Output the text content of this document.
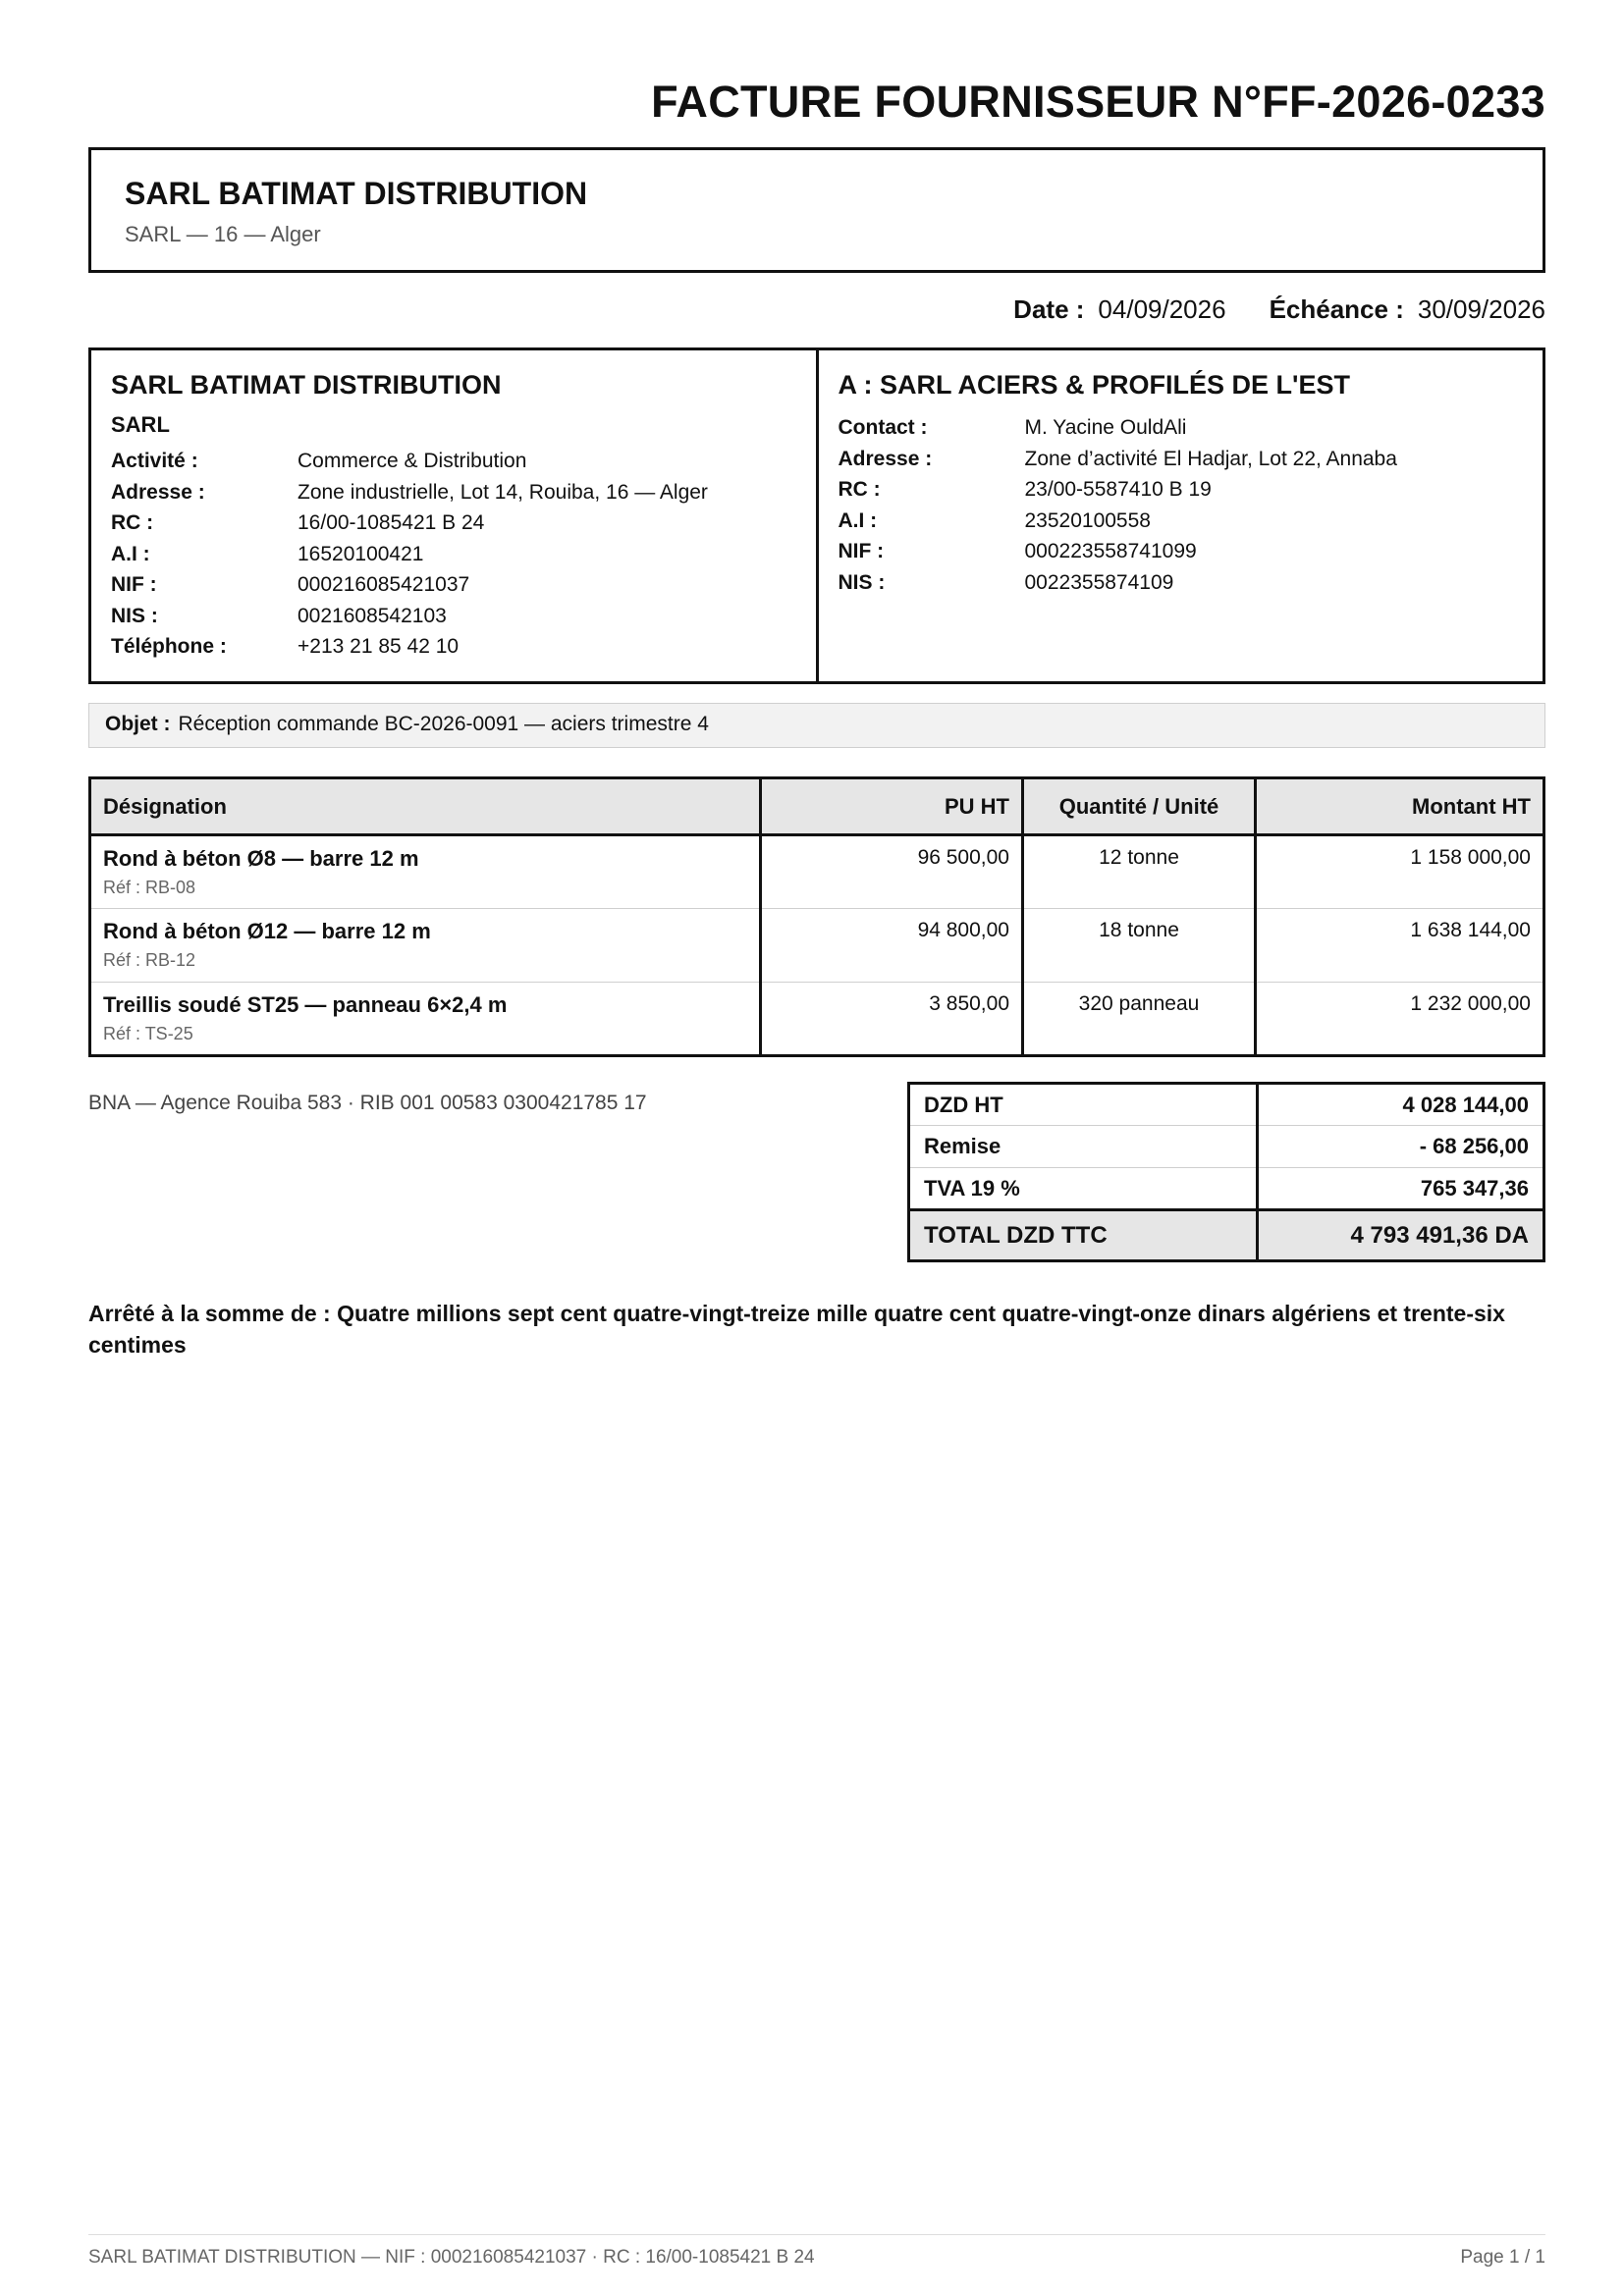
FACTURE FOURNISSEUR N°FF-2026-0233
SARL BATIMAT DISTRIBUTION
SARL — 16 — Alger
Date : 04/09/2026 Échéance : 30/09/2026
SARL BATIMAT DISTRIBUTION
SARL
Activité :	Commerce & Distribution
Adresse :	Zone industrielle, Lot 14, Rouiba, 16 — Alger
RC :	16/00-1085421 B 24
A.I :	16520100421
NIF :	000216085421037
NIS :	0021608542103
Téléphone :	+213 21 85 42 10
A : SARL ACIERS & PROFILÉS DE L'EST
Contact :	M. Yacine OuldAli
Adresse :	Zone d’activité El Hadjar, Lot 22, Annaba
RC :	23/00-5587410 B 19
A.I :	23520100558
NIF :	000223558741099
NIS :	0022355874109
Objet : Réception commande BC-2026-0091 — aciers trimestre 4
Désignation	PU HT	Quantité / Unité	Montant HT

Rond à béton Ø8 — barre 12 m
Réf : RB-08	96 500,00	12 tonne	1 158 000,00

Rond à béton Ø12 — barre 12 m
Réf : RB-12	94 800,00	18 tonne	1 638 144,00

Treillis soudé ST25 — panneau 6×2,4 m
Réf : TS-25	3 850,00	320 panneau	1 232 000,00
BNA — Agence Rouiba 583 · RIB 001 00583 0300421785 17	DZD HT	4 028 144,00
Remise	- 68 256,00
TVA 19 %	765 347,36
TOTAL DZD TTC	4 793 491,36 DA
Arrêté à la somme de : Quatre millions sept cent quatre-vingt-treize mille quatre cent quatre-vingt-onze dinars algériens et trente-six centimes
SARL BATIMAT DISTRIBUTION — NIF : 000216085421037 · RC : 16/00-1085421 B 24	Page 1 / 1
